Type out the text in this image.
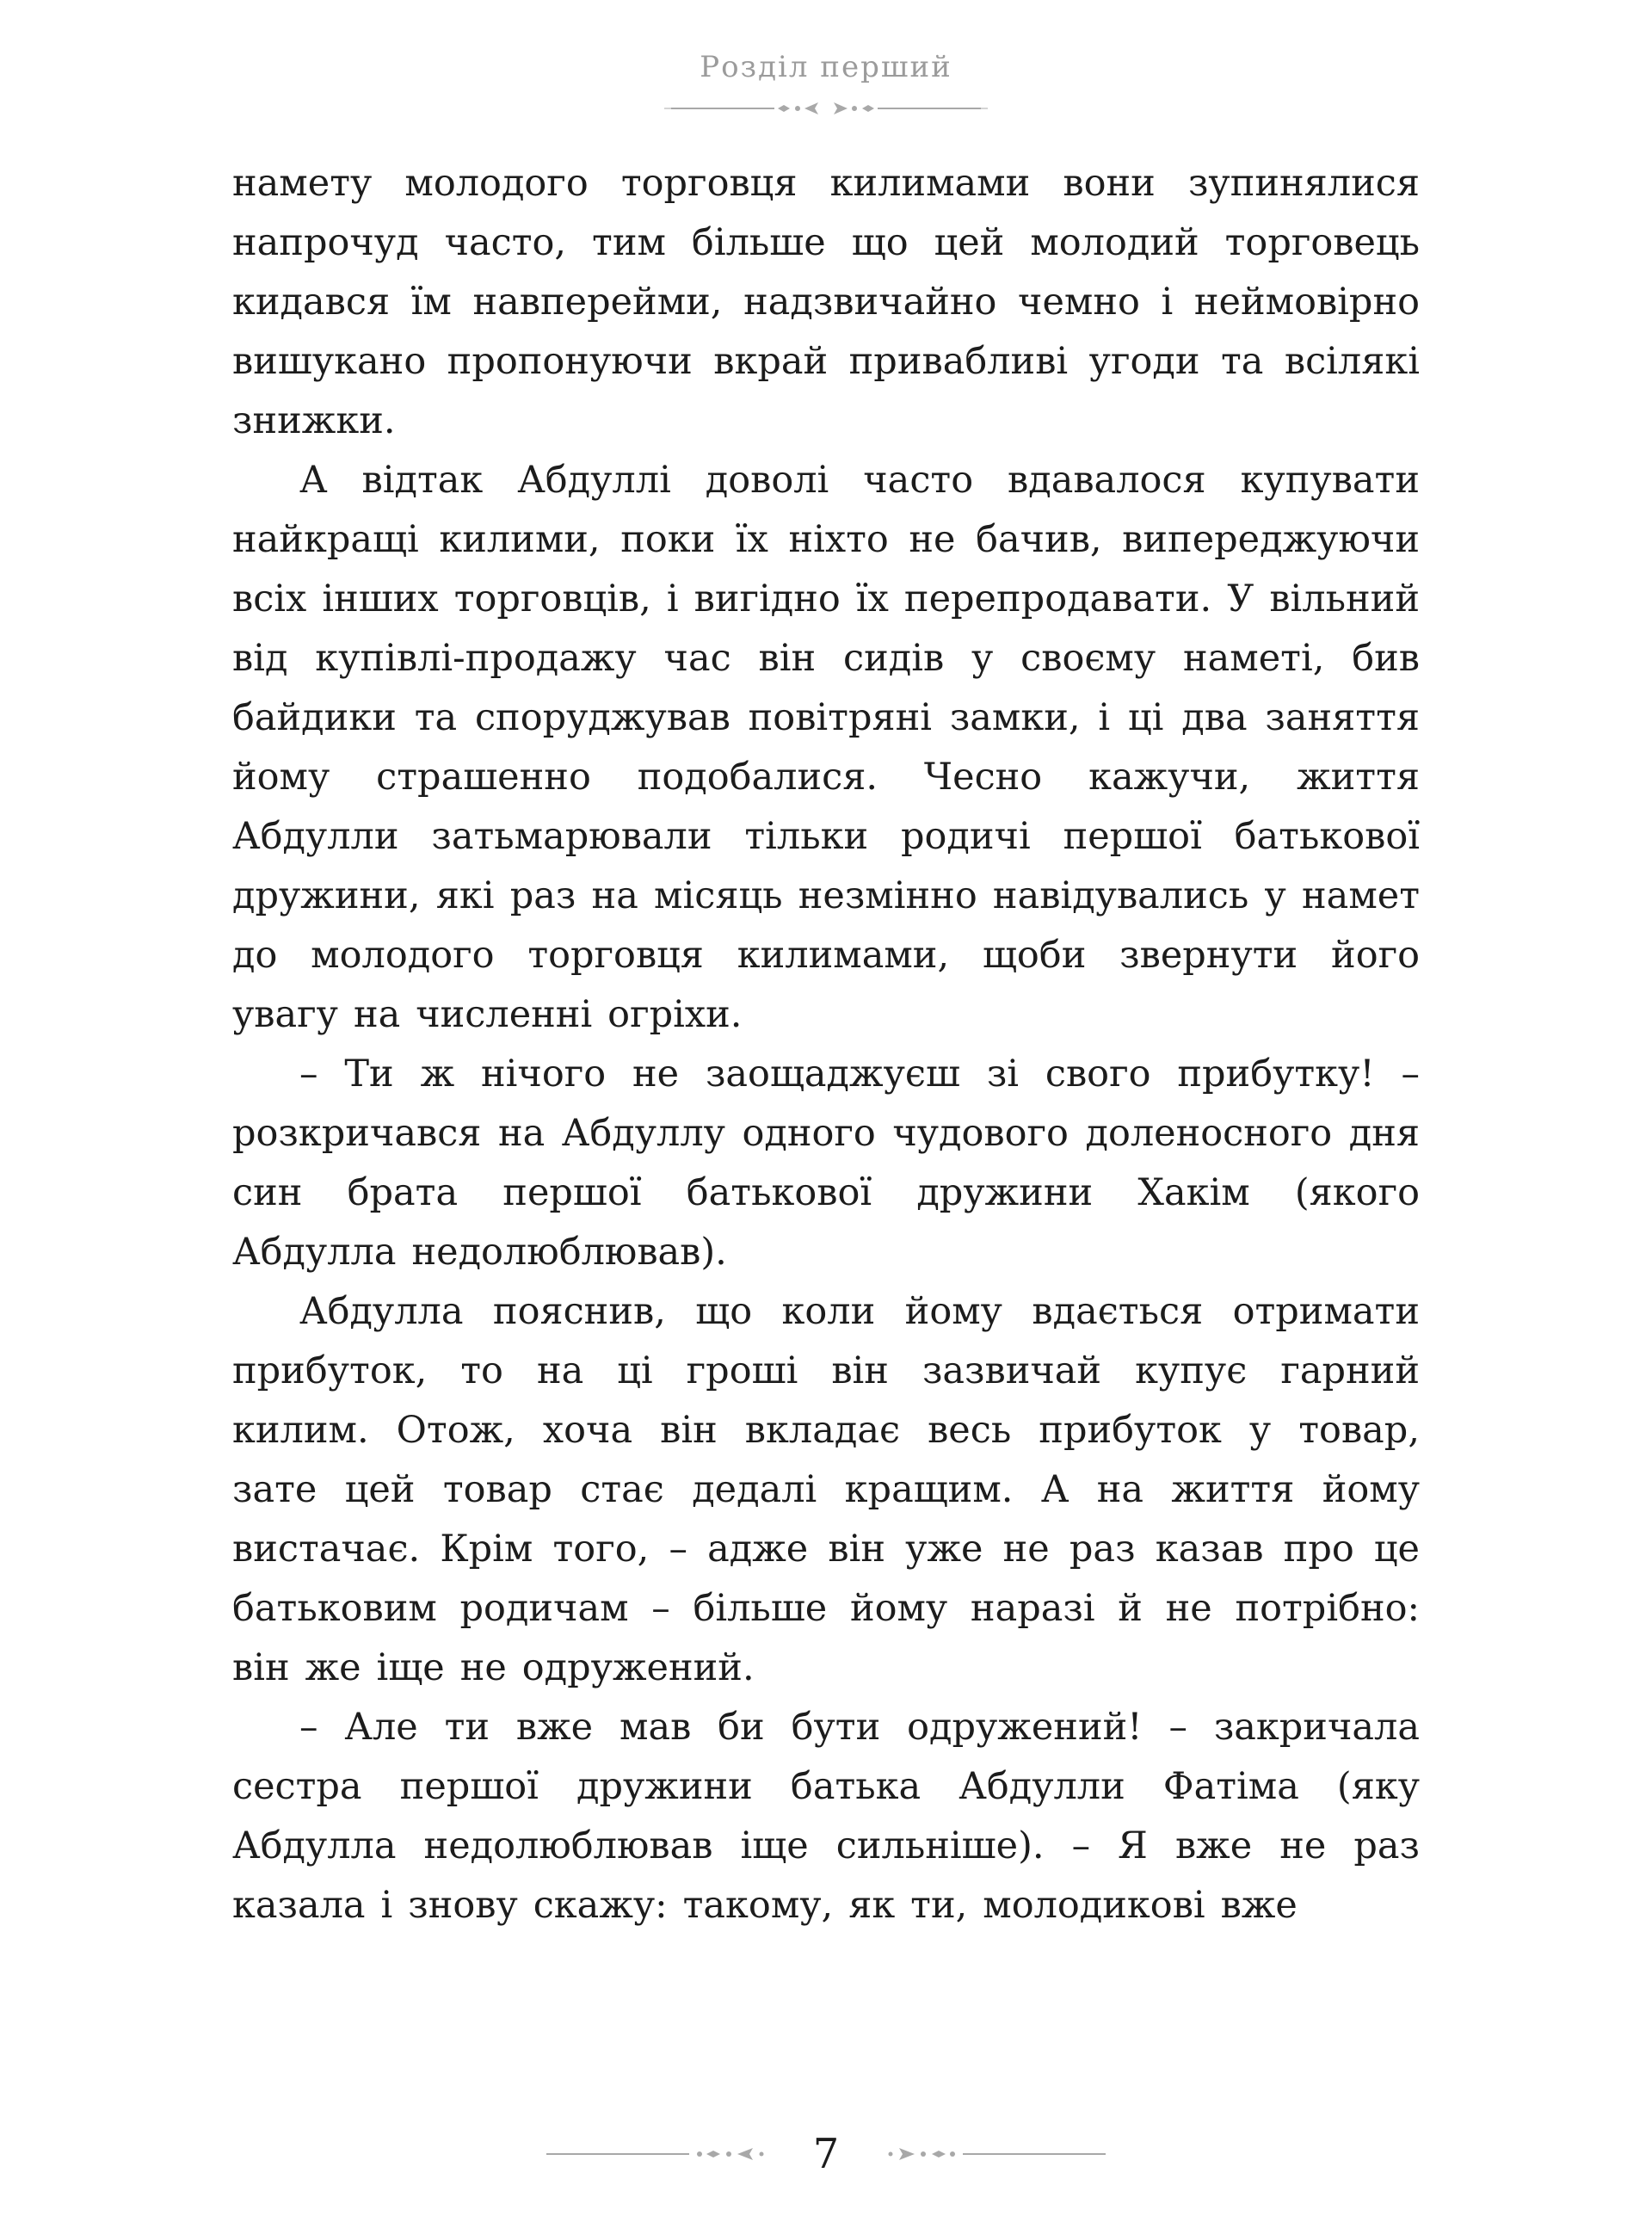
Розділ перший

намету молодого торговця килимами вони зупинялися напрочуд часто, тим більше що цей молодий торговець кидався їм навперейми, надзвичайно чемно і неймовірно вишукано пропонуючи вкрай привабливі угоди та всілякі знижки.

А відтак Абдуллі доволі часто вдавалося купувати найкращі килими, поки їх ніхто не бачив, випереджуючи всіх інших торговців, і вигідно їх перепродавати. У вільний від купівлі-продажу час він сидів у своєму наметі, бив байдики та споруджував повітряні замки, і ці два заняття йому страшенно подобалися. Чесно кажучи, життя Абдулли затьмарювали тільки родичі першої батькової дружини, які раз на місяць незмінно навідувались у намет до молодого торговця килимами, щоби звернути його увагу на численні огріхи.

– Ти ж нічого не заощаджуєш зі свого прибутку! – розкричався на Абдуллу одного чудового доленосного дня син брата першої батькової дружини Хакім (якого Абдулла недолюблював).

Абдулла пояснив, що коли йому вдається отримати прибуток, то на ці гроші він зазвичай купує гарний килим. Отож, хоча він вкладає весь прибуток у товар, зате цей товар стає дедалі кращим. А на життя йому вистачає. Крім того, – адже він уже не раз казав про це батьковим родичам – більше йому наразі й не потрібно: він же іще не одружений.

– Але ти вже мав би бути одружений! – закричала сестра першої дружини батька Абдулли Фатіма (яку Абдулла недолюблював іще сильніше). – Я вже не раз казала і знову скажу: такому, як ти, молодикові вже

7
